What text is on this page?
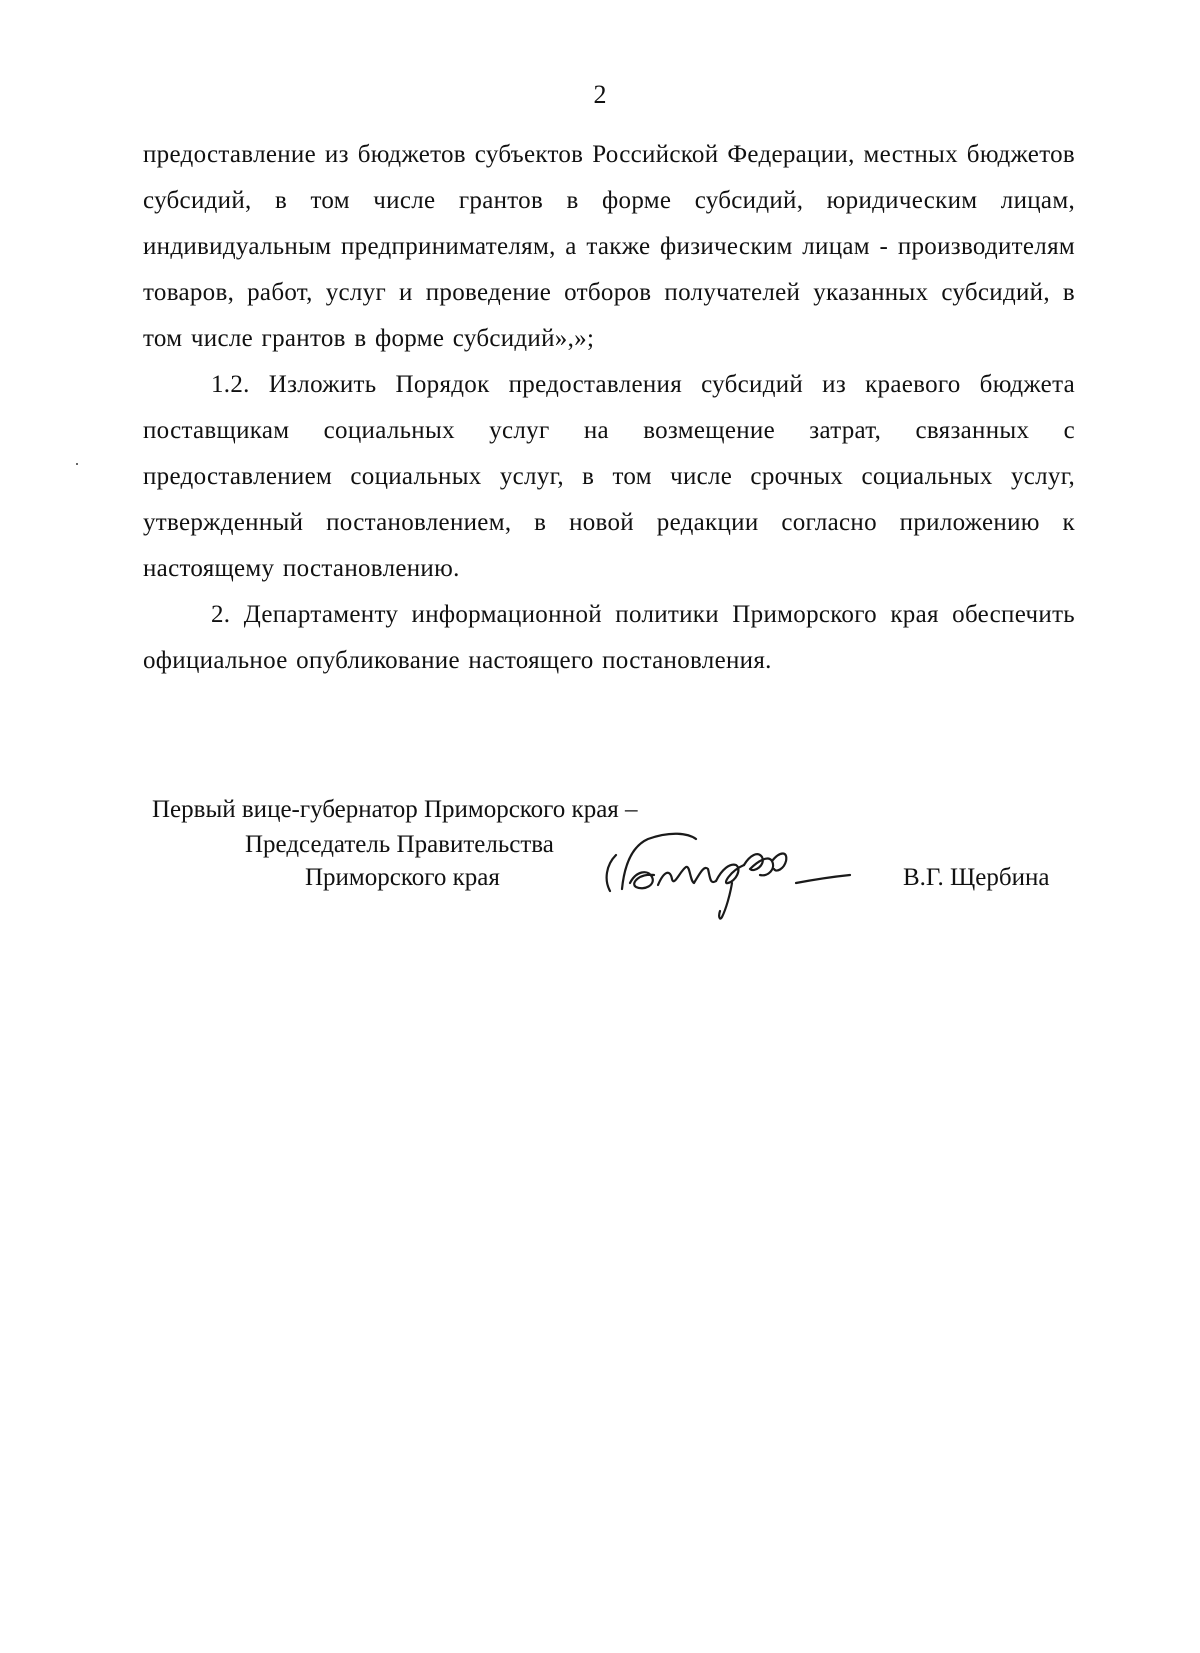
2

предоставление из бюджетов субъектов Российской Федерации, местных бюджетов субсидий, в том числе грантов в форме субсидий, юридическим лицам, индивидуальным предпринимателям, а также физическим лицам - производителям товаров, работ, услуг и проведение отборов получателей указанных субсидий, в том числе грантов в форме субсидий»,»;

1.2. Изложить Порядок предоставления субсидий из краевого бюджета поставщикам социальных услуг на возмещение затрат, связанных с предоставлением социальных услуг, в том числе срочных социальных услуг, утвержденный постановлением, в новой редакции согласно приложению к настоящему постановлению.

2. Департаменту информационной политики Приморского края обеспечить официальное опубликование настоящего постановления.

Первый вице-губернатор Приморского края –
Председатель Правительства
Приморского края	В.Г. Щербина
